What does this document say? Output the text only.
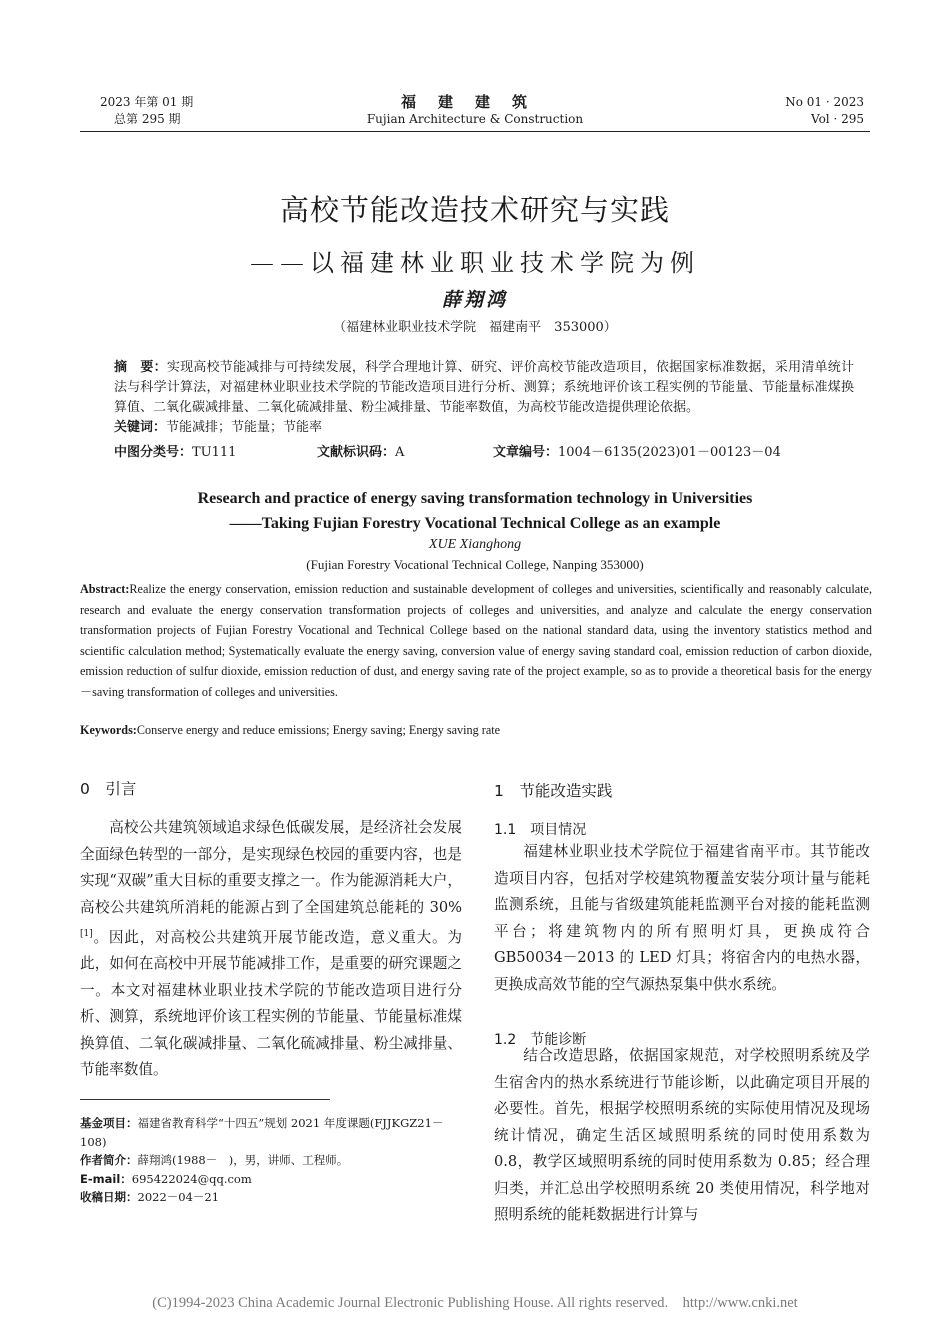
2023 年第 01 期
总第 295 期
福建建筑
Fujian Architecture & Construction
No 01 · 2023
Vol · 295
高校节能改造技术研究与实践
——以福建林业职业技术学院为例
薛翔鸿
（福建林业职业技术学院　福建南平　353000）
摘　要：实现高校节能减排与可持续发展，科学合理地计算、研究、评价高校节能改造项目，依据国家标准数据，采用清单统计法与科学计算法，对福建林业职业技术学院的节能改造项目进行分析、测算；系统地评价该工程实例的节能量、节能量标准煤换算值、二氧化碳减排量、二氧化硫减排量、粉尘减排量、节能率数值，为高校节能改造提供理论依据。
关键词：节能减排；节能量；节能率
中图分类号：TU111	文献标识码：A	文章编号：1004－6135(2023)01－00123－04
Research and practice of energy saving transformation technology in Universities
——Taking Fujian Forestry Vocational Technical College as an example
XUE Xianghong
(Fujian Forestry Vocational Technical College, Nanping 353000)
Abstract:Realize the energy conservation, emission reduction and sustainable development of colleges and universities, scientifically and reasonably calculate, research and evaluate the energy conservation transformation projects of colleges and universities, and analyze and calculate the energy conservation transformation projects of Fujian Forestry Vocational and Technical College based on the national standard data, using the inventory statistics method and scientific calculation method; Systematically evaluate the energy saving, conversion value of energy saving standard coal, emission reduction of carbon dioxide, emission reduction of sulfur dioxide, emission reduction of dust, and energy saving rate of the project example, so as to provide a theoretical basis for the energy－saving transformation of colleges and universities.
Keywords:Conserve energy and reduce emissions; Energy saving; Energy saving rate
0　引言
高校公共建筑领域追求绿色低碳发展，是经济社会发展全面绿色转型的一部分，是实现绿色校园的重要内容，也是实现“双碳”重大目标的重要支撑之一。作为能源消耗大户，高校公共建筑所消耗的能源占到了全国建筑总能耗的 30%[1]。因此，对高校公共建筑开展节能改造，意义重大。为此，如何在高校中开展节能减排工作，是重要的研究课题之一。本文对福建林业职业技术学院的节能改造项目进行分析、测算，系统地评价该工程实例的节能量、节能量标准煤换算值、二氧化碳减排量、二氧化硫减排量、粉尘减排量、节能率数值。
1　节能改造实践
1.1　项目情况
福建林业职业技术学院位于福建省南平市。其节能改造项目内容，包括对学校建筑物覆盖安装分项计量与能耗监测系统，且能与省级建筑能耗监测平台对接的能耗监测平台；将建筑物内的所有照明灯具，更换成符合 GB50034－2013 的 LED 灯具；将宿舍内的电热水器，更换成高效节能的空气源热泵集中供水系统。
1.2　节能诊断
结合改造思路，依据国家规范，对学校照明系统及学生宿舍内的热水系统进行节能诊断，以此确定项目开展的必要性。首先，根据学校照明系统的实际使用情况及现场统计情况，确定生活区域照明系统的同时使用系数为 0.8，教学区域照明系统的同时使用系数为 0.85；经合理归类，并汇总出学校照明系统 20 类使用情况，科学地对照明系统的能耗数据进行计算与
基金项目：福建省教育科学“十四五”规划 2021 年度课题(FJJKGZ21－108)
作者简介：薛翔鸿(1988－　)，男，讲师、工程师。
E-mail：695422024@qq.com
收稿日期：2022－04－21
(C)1994-2023 China Academic Journal Electronic Publishing House. All rights reserved.    http://www.cnki.net
